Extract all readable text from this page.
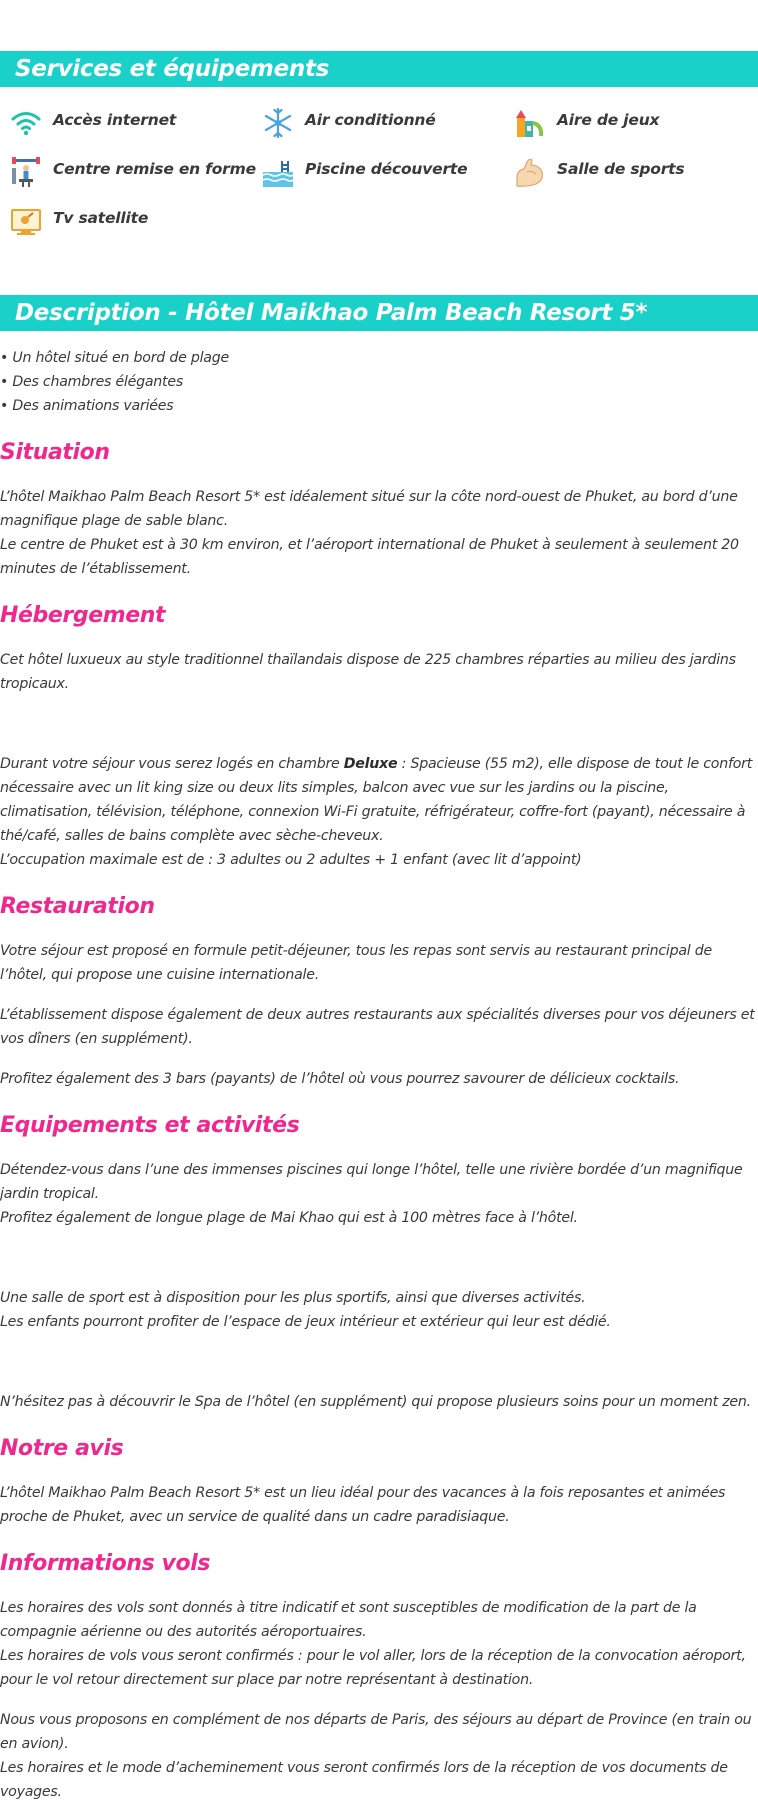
Services et équipements
Accès internet	Air conditionné	Aire de jeux
Centre remise en forme	Piscine découverte	Salle de sports
Tv satellite
Description - Hôtel Maikhao Palm Beach Resort 5*

• Un hôtel situé en bord de plage

• Des chambres élégantes

• Des animations variées

Situation

L’hôtel Maikhao Palm Beach Resort 5* est idéalement situé sur la côte nord-ouest de Phuket, au bord d’une magnifique plage de sable blanc.

Le centre de Phuket est à 30 km environ, et l’aéroport international de Phuket à seulement à seulement 20 minutes de l’établissement.

Hébergement

Cet hôtel luxueux au style traditionnel thaïlandais dispose de 225 chambres réparties au milieu des jardins tropicaux.

Durant votre séjour vous serez logés en chambre Deluxe : Spacieuse (55 m2), elle dispose de tout le confort nécessaire avec un lit king size ou deux lits simples, balcon avec vue sur les jardins ou la piscine, climatisation, télévision, téléphone, connexion Wi-Fi gratuite, réfrigérateur, coffre-fort (payant), nécessaire à thé/café, salles de bains complète avec sèche-cheveux.

L’occupation maximale est de : 3 adultes ou 2 adultes + 1 enfant (avec lit d’appoint)

Restauration

Votre séjour est proposé en formule petit-déjeuner, tous les repas sont servis au restaurant principal de l’hôtel, qui propose une cuisine internationale.

L’établissement dispose également de deux autres restaurants aux spécialités diverses pour vos déjeuners et vos dîners (en supplément).

Profitez également des 3 bars (payants) de l’hôtel où vous pourrez savourer de délicieux cocktails.

Equipements et activités

Détendez-vous dans l’une des immenses piscines qui longe l’hôtel, telle une rivière bordée d’un magnifique jardin tropical.

Profitez également de longue plage de Mai Khao qui est à 100 mètres face à l’hôtel.

Une salle de sport est à disposition pour les plus sportifs, ainsi que diverses activités.

Les enfants pourront profiter de l’espace de jeux intérieur et extérieur qui leur est dédié.

N’hésitez pas à découvrir le Spa de l’hôtel (en supplément) qui propose plusieurs soins pour un moment zen.

Notre avis

L’hôtel Maikhao Palm Beach Resort 5* est un lieu idéal pour des vacances à la fois reposantes et animées proche de Phuket, avec un service de qualité dans un cadre paradisiaque.

Informations vols

Les horaires des vols sont donnés à titre indicatif et sont susceptibles de modification de la part de la compagnie aérienne ou des autorités aéroportuaires.

Les horaires de vols vous seront confirmés : pour le vol aller, lors de la réception de la convocation aéroport, pour le vol retour directement sur place par notre représentant à destination.

Nous vous proposons en complément de nos départs de Paris, des séjours au départ de Province (en train ou en avion).

Les horaires et le mode d’acheminement vous seront confirmés lors de la réception de vos documents de voyages.
